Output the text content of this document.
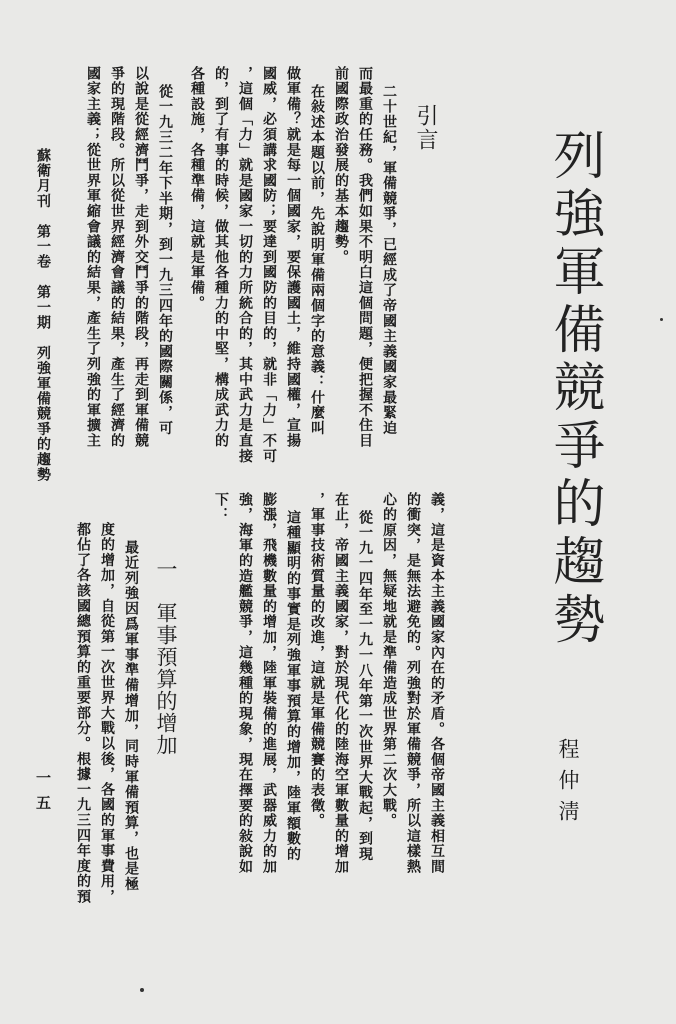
列強軍備競爭的趨勢
程仲淸
引言
二十世紀，軍備競爭，已經成了帝國主義國家最緊迫
而最重的任務。我們如果不明白這個問題，便把握不住目
前國際政治發展的基本趨勢。
在敍述本題以前，先說明軍備兩個字的意義：什麼叫
做軍備？就是每一個國家，要保護國土，維持國權，宣揚
國威，必須講求國防；要達到國防的目的，就非「力」不可
，這個「力」就是國家一切的力所統合的，其中武力是直接
的，到了有事的時候，做其他各種力的中堅，構成武力的
各種設施，各種準備，這就是軍備。
從一九三二年下半期，到一九三四年的國際關係，可
以說是從經濟鬥爭，走到外交鬥爭的階段，再走到軍備競
爭的現階段。所以從世界經濟會議的結果，產生了經濟的
國家主義；從世界軍縮會議的結果，產生了列強的軍擴主
義，這是資本主義國家內在的矛盾。各個帝國主義相互間
的衝突，是無法避免的。列強對於軍備競爭，所以這樣熱
心的原因，無疑地就是準備造成世界第二次大戰。
從一九一四年至一九一八年第一次世界大戰起，到現
在止，帝國主義國家，對於現代化的陸海空軍數量的增加
，軍事技術質量的改進，這就是軍備競賽的表徵。
這種顯明的事實是列強軍事預算的增加，陸軍額數的
膨漲，飛機數量的增加，陸軍裝備的進展，武器威力的加
強，海軍的造艦競爭，這幾種的現象，現在擇要的敍說如
下：
一　軍事預算的增加
最近列強因爲軍事準備增加，同時軍備預算，也是極
度的增加，自從第一次世界大戰以後，各國的軍事費用，
都佔了各該國總預算的重要部分。根據一九三四年度的預
蘇衛月刊　第一卷　第一期　列強軍備競爭的趨勢
一五
